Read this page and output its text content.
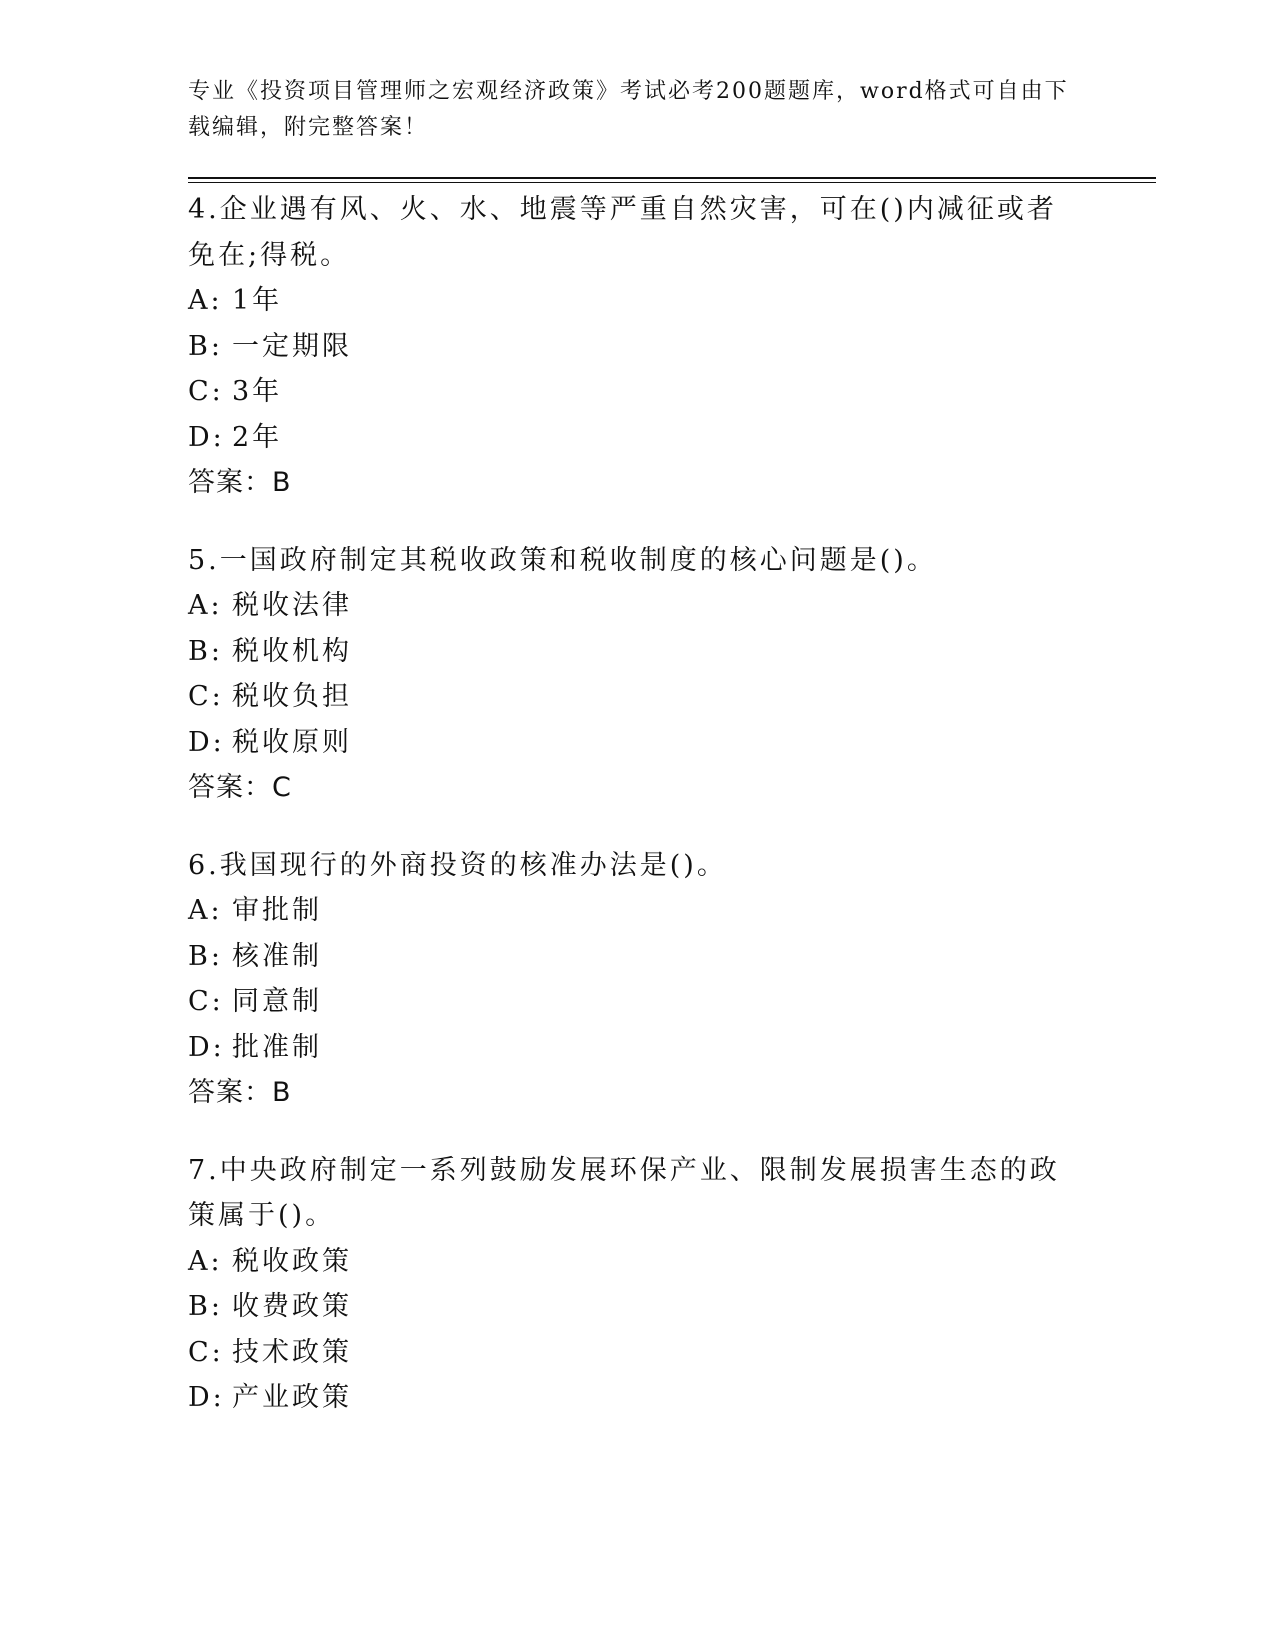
专业《投资项目管理师之宏观经济政策》考试必考200题题库，word格式可自由下载编辑，附完整答案！

4.企业遇有风、火、水、地震等严重自然灾害，可在()内减征或者免在;得税。

A: 1年

B: 一定期限

C: 3年

D: 2年

答案：B

5.一国政府制定其税收政策和税收制度的核心问题是()。

A: 税收法律

B: 税收机构

C: 税收负担

D: 税收原则

答案：C

6.我国现行的外商投资的核准办法是()。

A: 审批制

B: 核准制

C: 同意制

D: 批准制

答案：B

7.中央政府制定一系列鼓励发展环保产业、限制发展损害生态的政策属于()。

A: 税收政策

B: 收费政策

C: 技术政策

D: 产业政策
